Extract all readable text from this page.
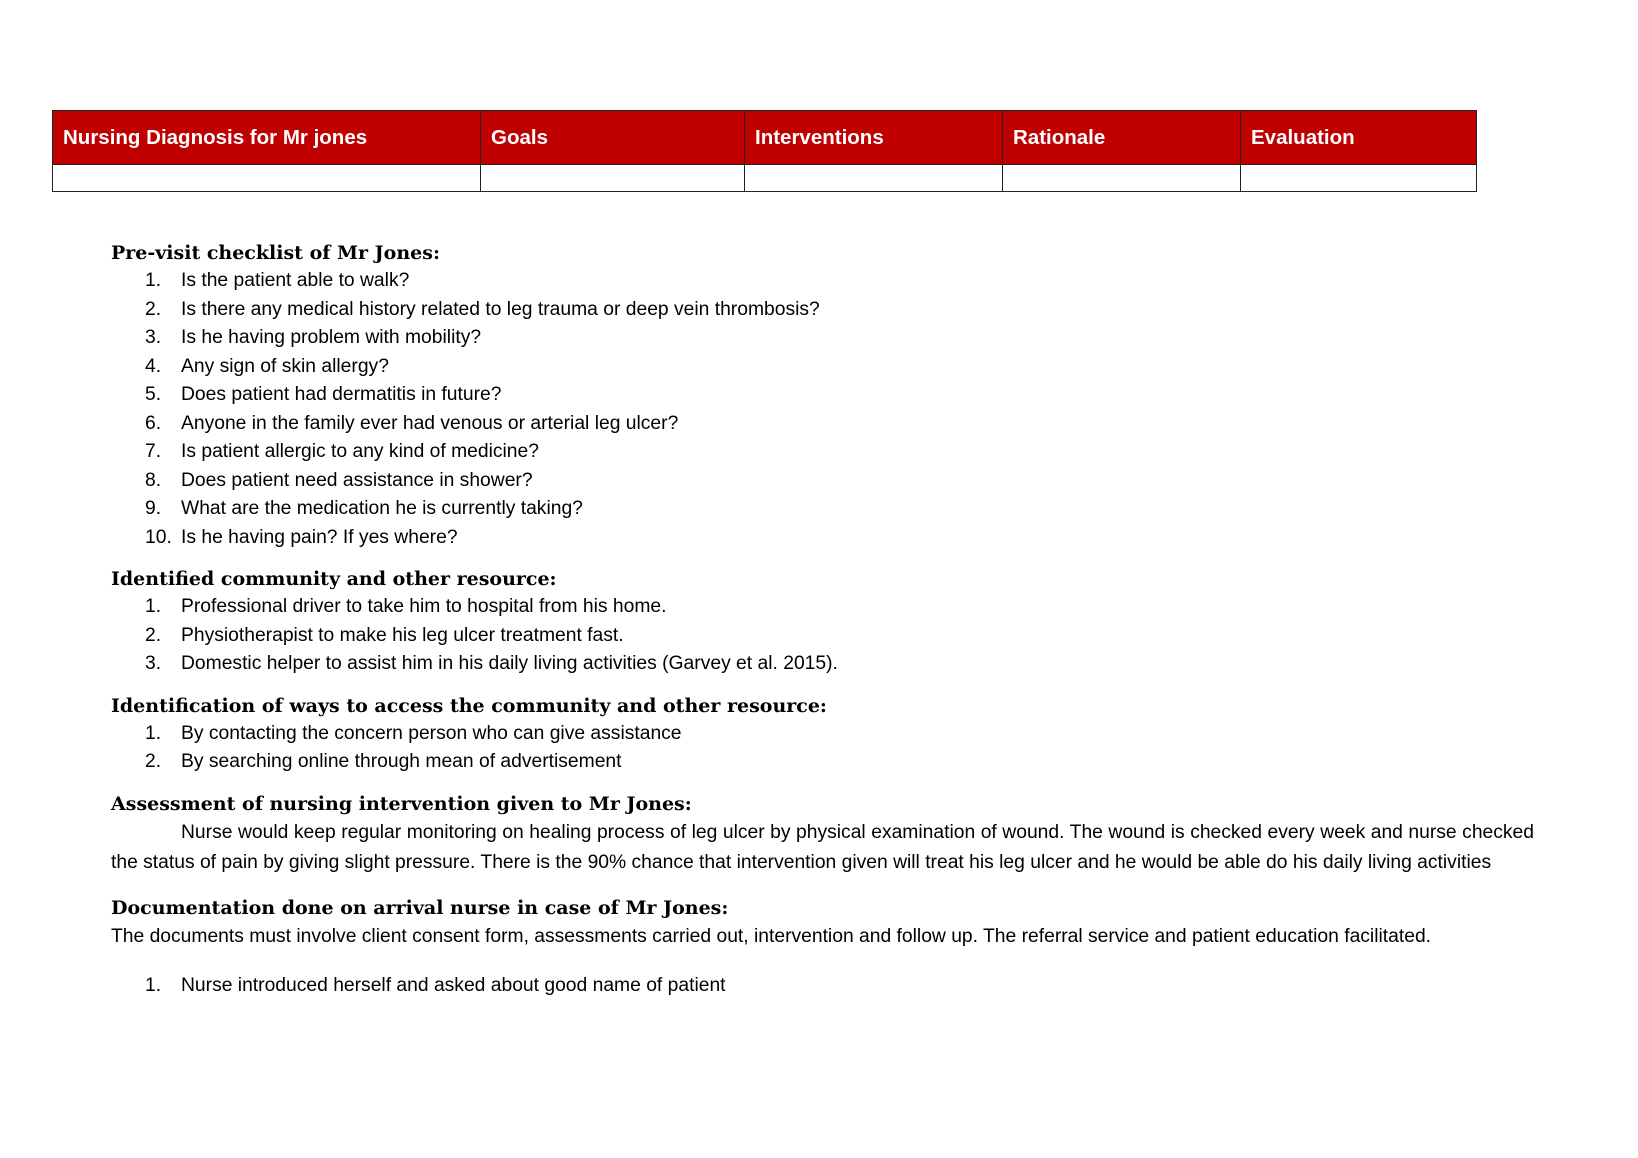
Nursing Diagnosis for Mr jones	Goals	Interventions	Rationale	Evaluation

Pre-visit checklist of Mr Jones:
1. Is the patient able to walk?
2. Is there any medical history related to leg trauma or deep vein thrombosis?
3. Is he having problem with mobility?
4. Any sign of skin allergy?
5. Does patient had dermatitis in future?
6. Anyone in the family ever had venous or arterial leg ulcer?
7. Is patient allergic to any kind of medicine?
8. Does patient need assistance in shower?
9. What are the medication he is currently taking?
10. Is he having pain? If yes where?
Identified community and other resource:
1. Professional driver to take him to hospital from his home.
2. Physiotherapist to make his leg ulcer treatment fast.
3. Domestic helper to assist him in his daily living activities (Garvey et al. 2015).
Identification of ways to access the community and other resource:
1. By contacting the concern person who can give assistance
2. By searching online through mean of advertisement
Assessment of nursing intervention given to Mr Jones:

Nurse would keep regular monitoring on healing process of leg ulcer by physical examination of wound. The wound is checked every week and nurse checked the status of pain by giving slight pressure. There is the 90% chance that intervention given will treat his leg ulcer and he would be able do his daily living activities

Documentation done on arrival nurse in case of Mr Jones:

The documents must involve client consent form, assessments carried out, intervention and follow up. The referral service and patient education facilitated.

1. Nurse introduced herself and asked about good name of patient
